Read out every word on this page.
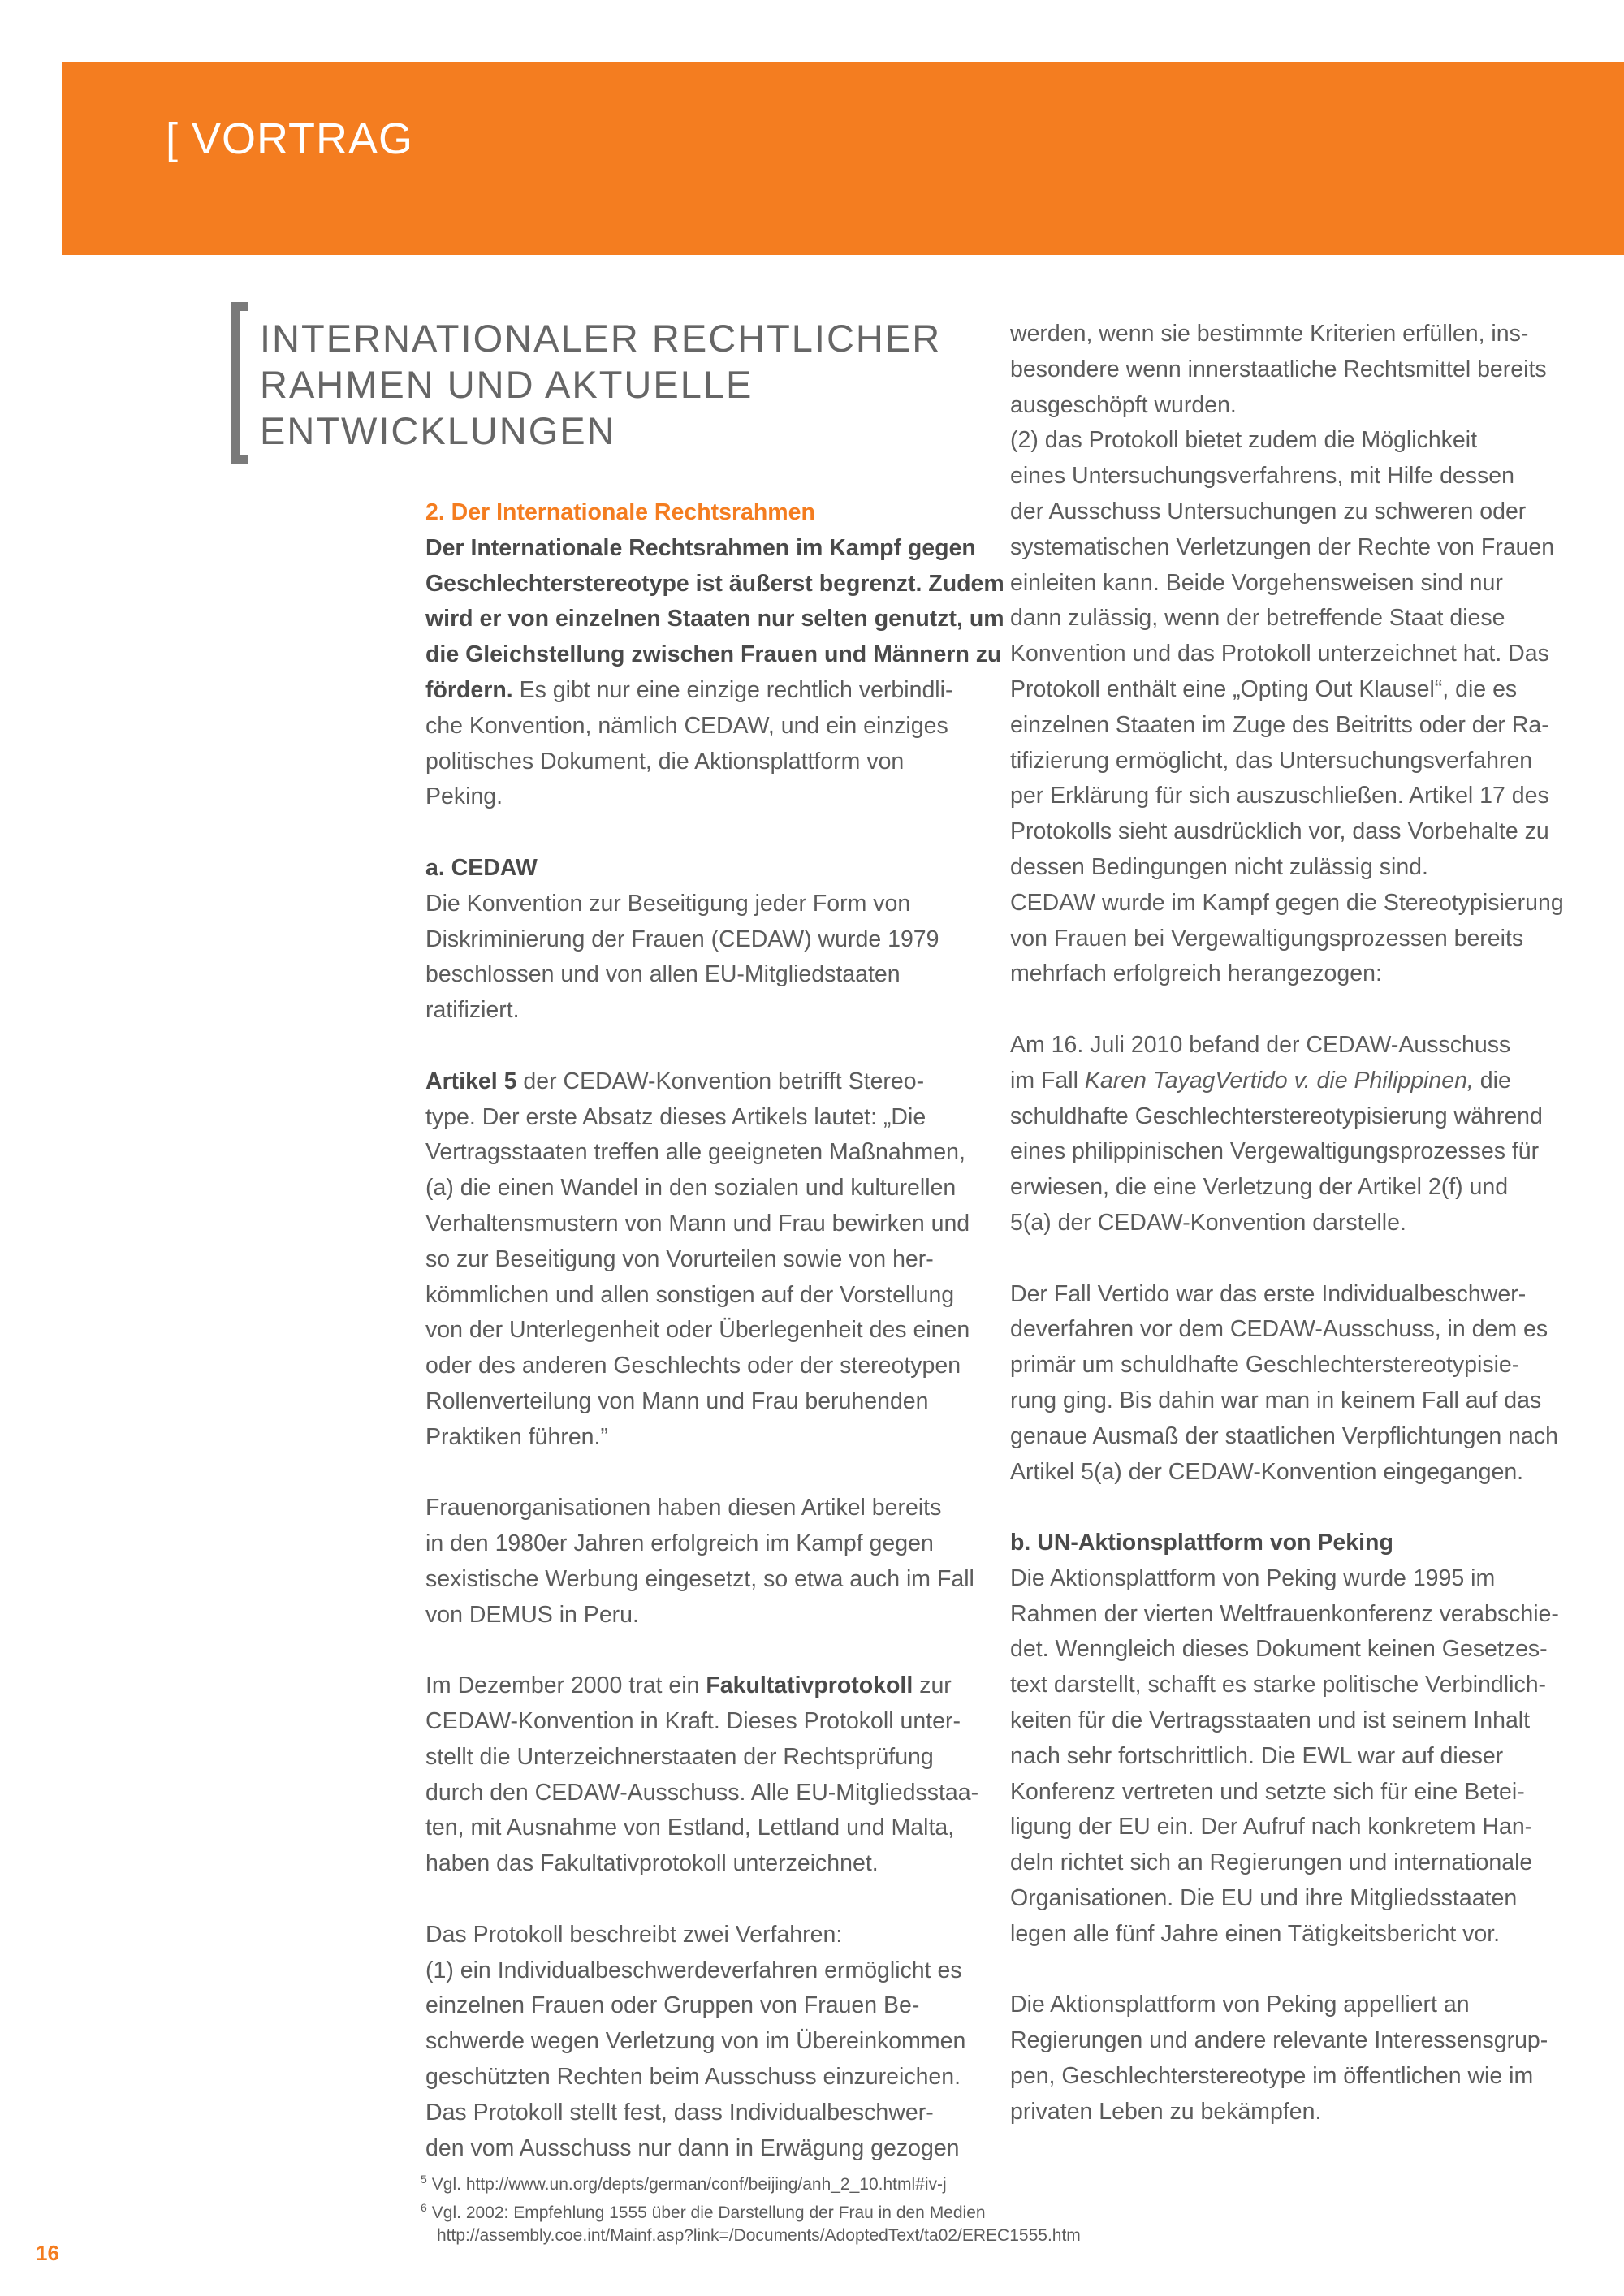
[ VORTRAG
INTERNATIONALER RECHTLICHER
RAHMEN UND AKTUELLE
ENTWICKLUNGEN

2. Der Internationale Rechtsrahmen

Der Internationale Rechtsrahmen im Kampf gegen

Geschlechterstereotype ist äußerst begrenzt. Zudem

wird er von einzelnen Staaten nur selten genutzt, um

die Gleichstellung zwischen Frauen und Männern zu

fördern. Es gibt nur eine einzige rechtlich verbindli-

che Konvention, nämlich CEDAW, und ein einziges

politisches Dokument, die Aktionsplattform von

Peking.

a. CEDAW

Die Konvention zur Beseitigung jeder Form von

Diskriminierung der Frauen (CEDAW) wurde 1979

beschlossen und von allen EU-Mitgliedstaaten

ratifiziert.

Artikel 5 der CEDAW-Konvention betrifft Stereo-

type. Der erste Absatz dieses Artikels lautet: „Die

Vertragsstaaten treffen alle geeigneten Maßnahmen,

(a) die einen Wandel in den sozialen und kulturellen

Verhaltensmustern von Mann und Frau bewirken und

so zur Beseitigung von Vorurteilen sowie von her-

kömmlichen und allen sonstigen auf der Vorstellung

von der Unterlegenheit oder Überlegenheit des einen

oder des anderen Geschlechts oder der stereotypen

Rollenverteilung von Mann und Frau beruhenden

Praktiken führen.”

Frauenorganisationen haben diesen Artikel bereits

in den 1980er Jahren erfolgreich im Kampf gegen

sexistische Werbung eingesetzt, so etwa auch im Fall

von DEMUS in Peru.

Im Dezember 2000 trat ein Fakultativprotokoll zur

CEDAW-Konvention in Kraft. Dieses Protokoll unter-

stellt die Unterzeichnerstaaten der Rechtsprüfung

durch den CEDAW-Ausschuss. Alle EU-Mitgliedsstaa-

ten, mit Ausnahme von Estland, Lettland und Malta,

haben das Fakultativprotokoll unterzeichnet.

Das Protokoll beschreibt zwei Verfahren:

(1) ein Individualbeschwerdeverfahren ermöglicht es

einzelnen Frauen oder Gruppen von Frauen Be-

schwerde wegen Verletzung von im Übereinkommen

geschützten Rechten beim Ausschuss einzureichen.

Das Protokoll stellt fest, dass Individualbeschwer-

den vom Ausschuss nur dann in Erwägung gezogen

werden, wenn sie bestimmte Kriterien erfüllen, ins-

besondere wenn innerstaatliche Rechtsmittel bereits

ausgeschöpft wurden.

(2) das Protokoll bietet zudem die Möglichkeit

eines Untersuchungsverfahrens, mit Hilfe dessen

der Ausschuss Untersuchungen zu schweren oder

systematischen Verletzungen der Rechte von Frauen

einleiten kann. Beide Vorgehensweisen sind nur

dann zulässig, wenn der betreffende Staat diese

Konvention und das Protokoll unterzeichnet hat. Das

Protokoll enthält eine „Opting Out Klausel“, die es

einzelnen Staaten im Zuge des Beitritts oder der Ra-

tifizierung ermöglicht, das Untersuchungsverfahren

per Erklärung für sich auszuschließen. Artikel 17 des

Protokolls sieht ausdrücklich vor, dass Vorbehalte zu

dessen Bedingungen nicht zulässig sind.

CEDAW wurde im Kampf gegen die Stereotypisierung

von Frauen bei Vergewaltigungsprozessen bereits

mehrfach erfolgreich herangezogen:

Am 16. Juli 2010 befand der CEDAW-Ausschuss

im Fall Karen TayagVertido v. die Philippinen, die

schuldhafte Geschlechterstereotypisierung während

eines philippinischen Vergewaltigungsprozesses für

erwiesen, die eine Verletzung der Artikel 2(f) und

5(a) der CEDAW-Konvention darstelle.

Der Fall Vertido war das erste Individualbeschwer-

deverfahren vor dem CEDAW-Ausschuss, in dem es

primär um schuldhafte Geschlechterstereotypisie-

rung ging. Bis dahin war man in keinem Fall auf das

genaue Ausmaß der staatlichen Verpflichtungen nach

Artikel 5(a) der CEDAW-Konvention eingegangen.

b. UN-Aktionsplattform von Peking

Die Aktionsplattform von Peking wurde 1995 im

Rahmen der vierten Weltfrauenkonferenz verabschie-

det. Wenngleich dieses Dokument keinen Gesetzes-

text darstellt, schafft es starke politische Verbindlich-

keiten für die Vertragsstaaten und ist seinem Inhalt

nach sehr fortschrittlich. Die EWL war auf dieser

Konferenz vertreten und setzte sich für eine Betei-

ligung der EU ein. Der Aufruf nach konkretem Han-

deln richtet sich an Regierungen und internationale

Organisationen. Die EU und ihre Mitgliedsstaaten

legen alle fünf Jahre einen Tätigkeitsbericht vor.

Die Aktionsplattform von Peking appelliert an

Regierungen und andere relevante Interessensgrup-

pen, Geschlechterstereotype im öffentlichen wie im

privaten Leben zu bekämpfen.

$^5$ Vgl. http://www.un.org/depts/german/conf/beijing/anh_2_10.html#iv-j

$^6$ Vgl. 2002: Empfehlung 1555 über die Darstellung der Frau in den Medien

http://assembly.coe.int/Mainf.asp?link=/Documents/AdoptedText/ta02/EREC1555.htm

16
